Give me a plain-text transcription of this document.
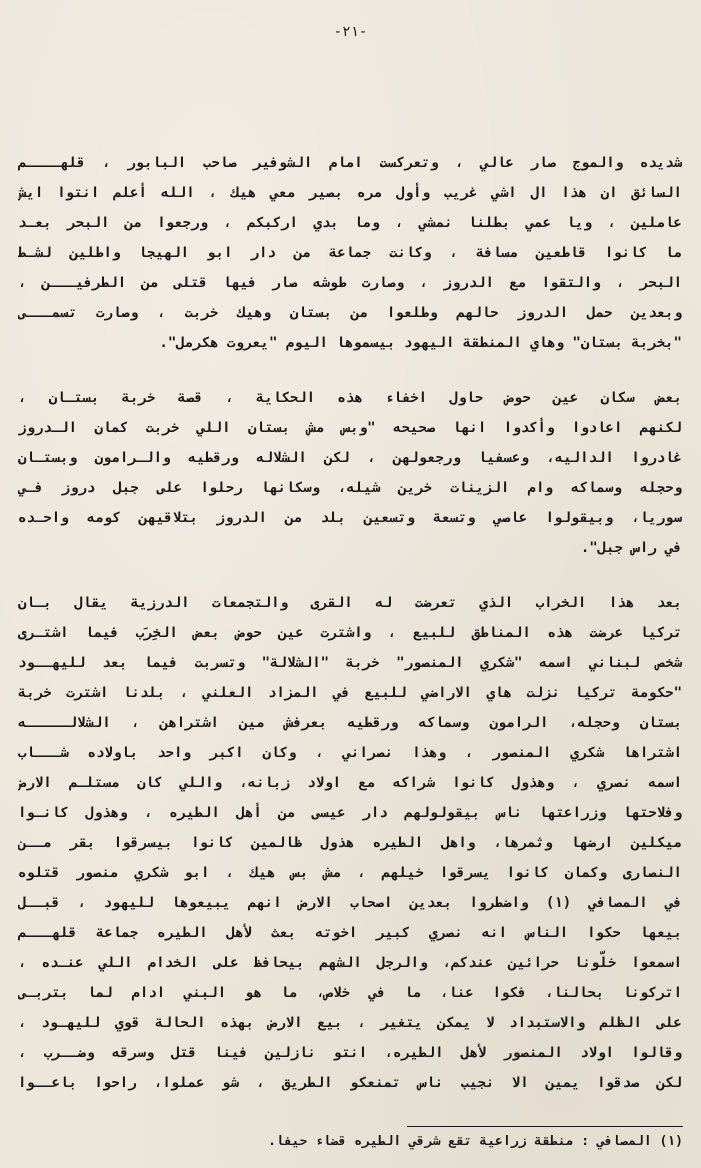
-٢١-
شديده والموج صار عالي ، وتعركست امام الشوفير صاحب البابور ، قلهــــم
السائق ان هذا ال اشي غريب وأول مره بصير معي هيك ، الله أعلم انتوا ايش
عاملين ، ويا عمي بطلنا نمشي ، وما بدي اركبكم ، ورجعوا من البحر بعـد
ما كانوا قاطعين مسافة ، وكانت جماعة من دار ابو الهيجا واطلين لشـط
البحر ، والتقوا مع الدروز ، وصارت طوشه صار فيها قتلى من الطرفيـــن ،
وبعدين حمل الدروز حالهم وطلعوا من بستان وهيك خربت ، وصارت تسمـــى
"بخربة بستان" وهاي المنطقة اليهود بيسموها اليوم "يعروت هكرمل".
بعض سكان عين حوض حاول اخفاء هذه الحكاية ، قصة خربة بستـان ،
لكنهم اعادوا وأكدوا انها صحيحه "وبس مش بستان اللي خربت كمان الـدروز
غادروا الداليه، وعسفيا ورجعولهن ، لكن الشلاله ورقطيه والـرامون وبستـان
وحجله وسماكه وام الزينات خرين شيله، وسكانها رحلوا على جبل دروز فـي
سوريا، وبيقولوا عاصي وتسعة وتسعين بلد من الدروز بتلاقيهن كومه واحـده
في راس جبل".
بعد هذا الخراب الذي تعرضت له القرى والتجمعات الدرزية يقال بـان
تركيا عرضت هذه المناطق للبيع ، واشترت عين حوض بعض الخِرَب فيما اشتـرى
شخص لبناني اسمه "شكري المنصور" خربة "الشلالة" وتسربت فيما بعد لليهــود
"حكومة تركيا نزلت هاي الاراضي للبيع في المزاد العلني ، بلدنا اشترت خربة
بستان وحجله، الرامون وسماكه ورقطيه بعرفش مين اشتراهن ، الشلالـــــه
اشتراها شكري المنصور ، وهذا نصراني ، وكان اكبر واحد باولاده شـــاب
اسمه نصري ، وهذول كانوا شراكه مع اولاد زبانه، واللي كان مستلـم الارض
وفلاحتها وزراعتها ناس بيقولولهم دار عيسى من أهل الطيره ، وهذول كانـوا
ميكلين ارضها وثمرها، واهل الطيره هذول ظالمين كانوا بيسرقوا بقر مــن
النصارى وكمان كانوا يسرقوا خيلهم ، مش بس هيك ، ابو شكري منصور قتلوه
في المصافي (١) واضطروا بعدين اصحاب الارض انهم يبيعوها لليهود ، قبــل
بيعها حكوا الناس انه نصري كبير اخوته بعث لأهل الطيره جماعة قلهـــم
اسمعوا خلّونا حرائين عندكم، والرجل الشهم بيحافظ على الخدام اللي عنـده ،
اتركونا بحالنا، فكوا عنا، ما في خلاص، ما هو البني ادام لما بتربـى
على الظلم والاستبداد لا يمكن يتغير ، بيع الارض بهذه الحالة قوي لليهـود ،
وقالوا اولاد المنصور لأهل الطيره، انتو نازلين فينا قتل وسرقه وضــرب ،
لكن صدقوا يمين الا نجيب ناس تمنعكو الطريق ، شو عملوا، راحوا باعــوا
(١) المصافي : منطقة زراعية تقع شرقي الطيره قضاء حيفا.
